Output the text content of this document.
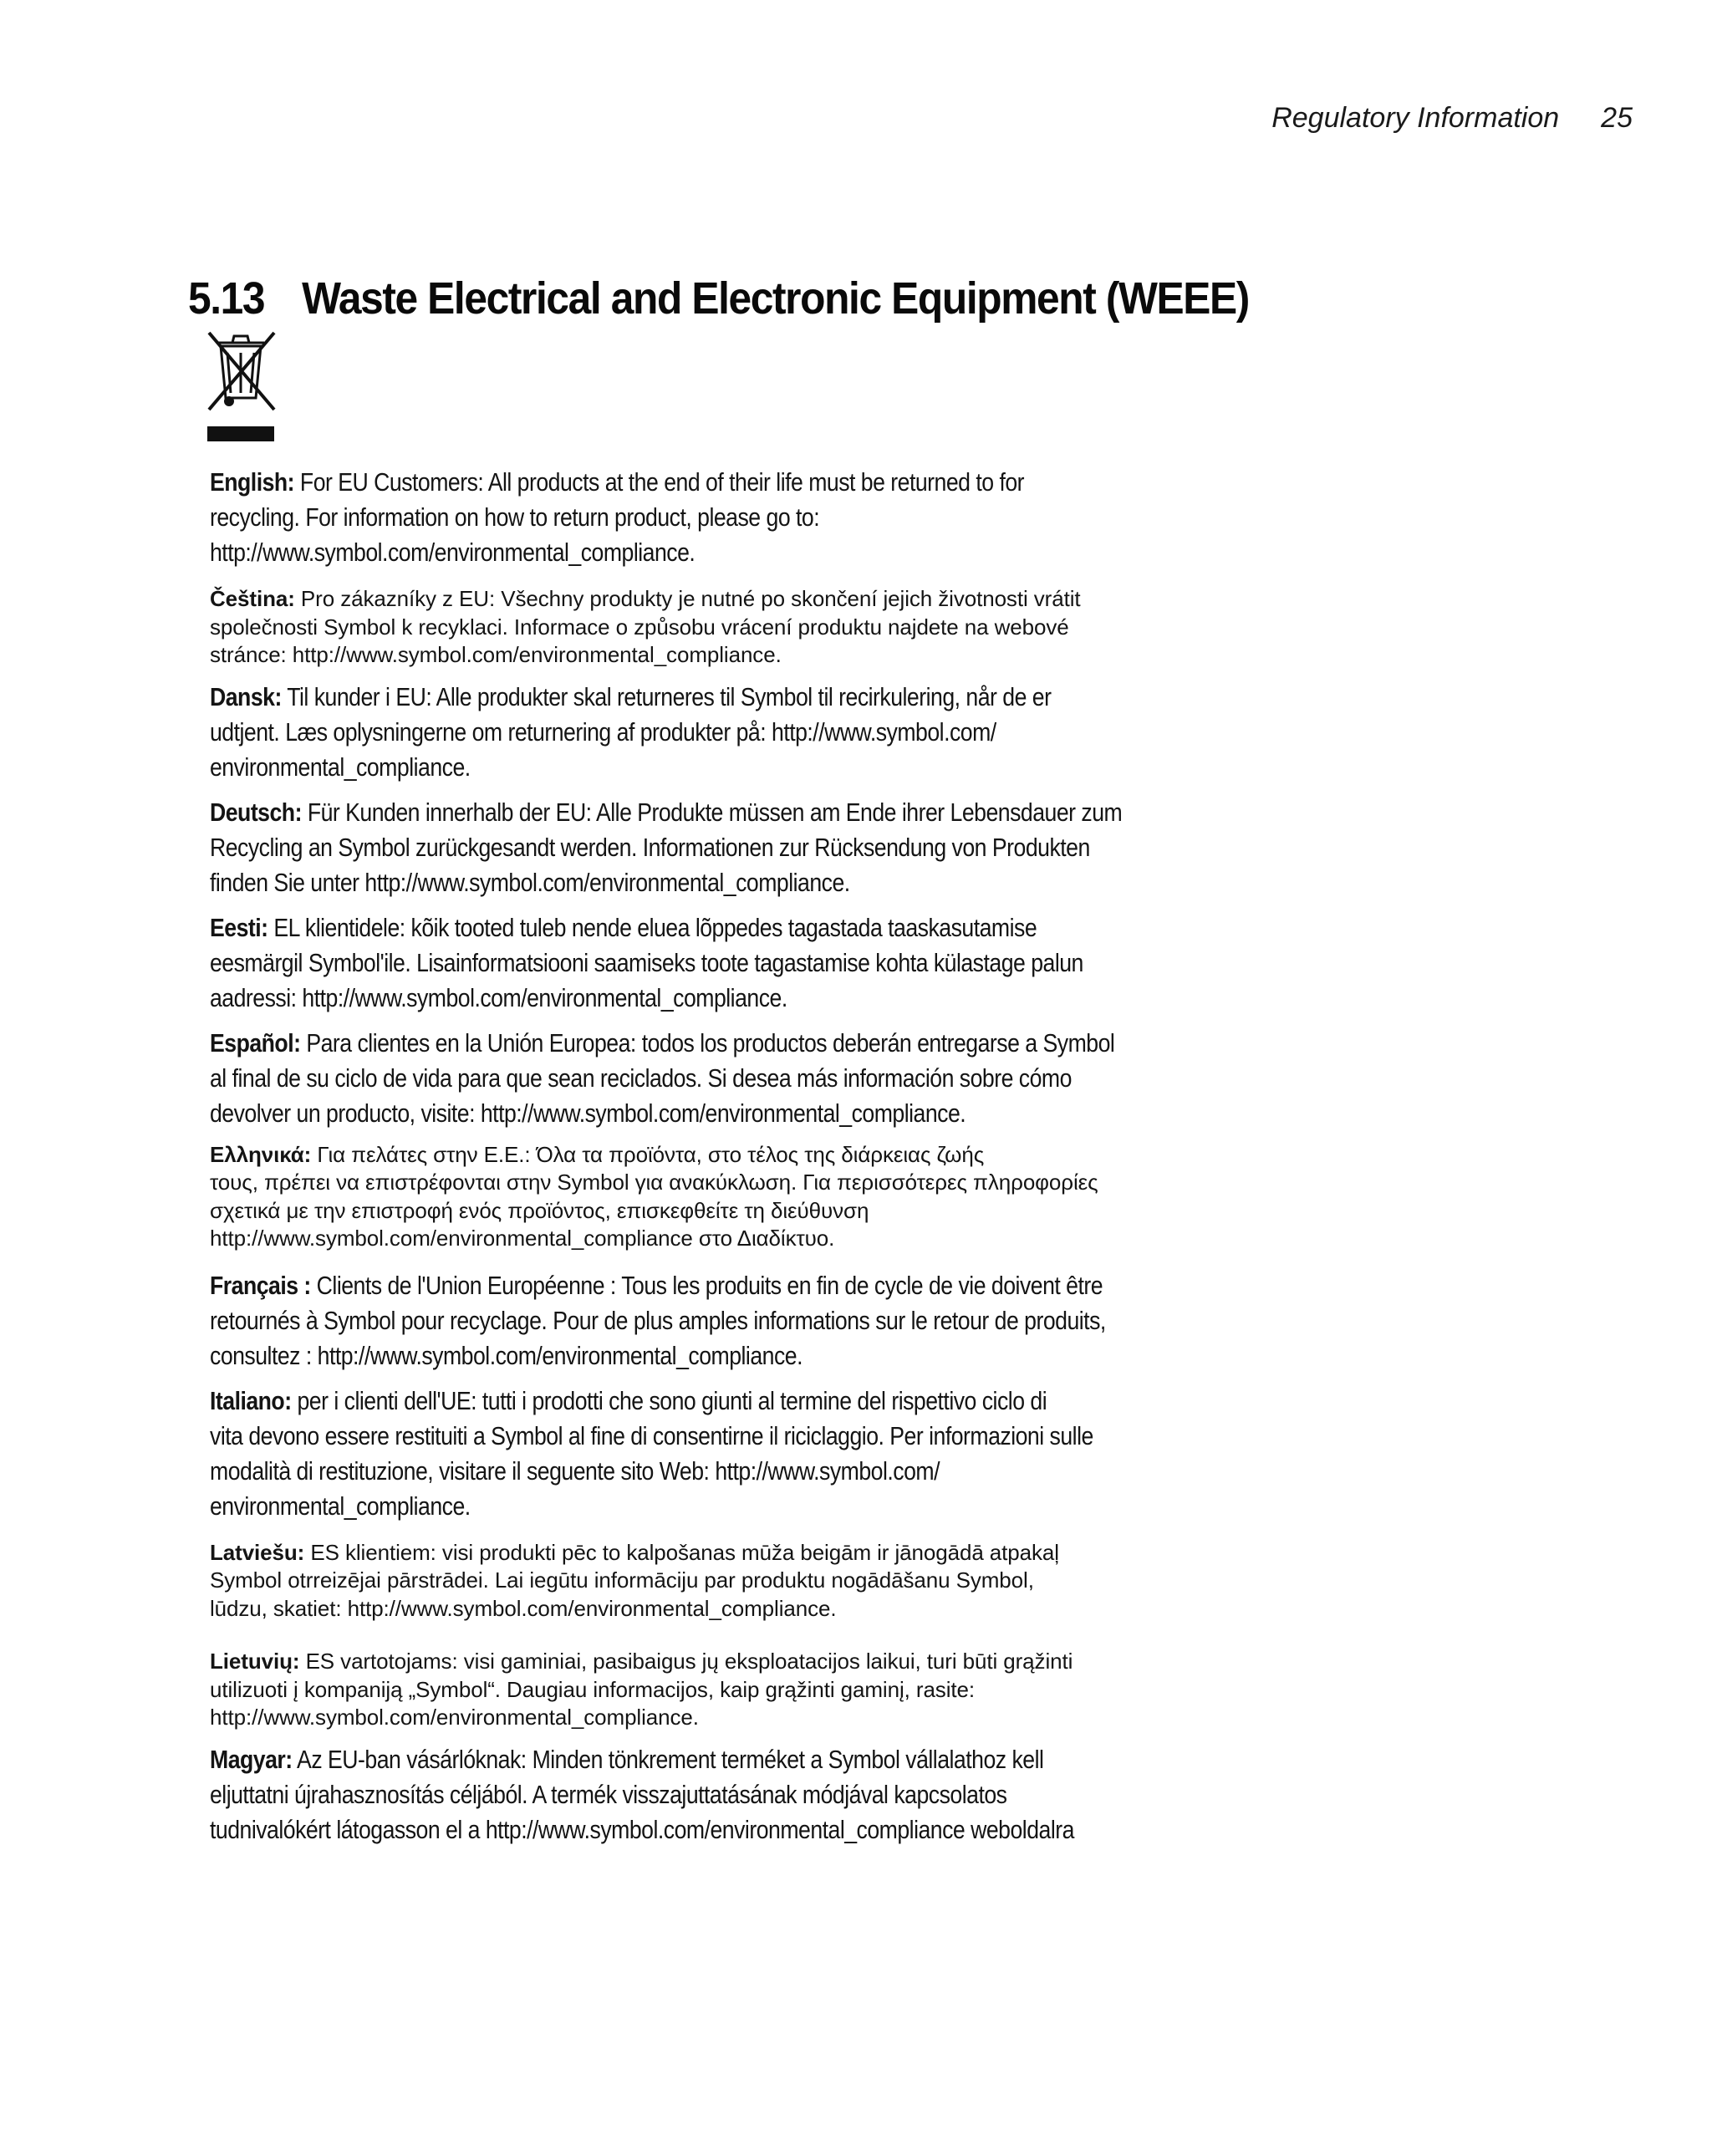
Regulatory Information 25
5.13 Waste Electrical and Electronic Equipment (WEEE)

English: For EU Customers: All products at the end of their life must be returned to for
recycling. For information on how to return product, please go to:
http://www.symbol.com/environmental_compliance.

Čeština: Pro zákazníky z EU: Všechny produkty je nutné po skončení jejich životnosti vrátit
společnosti Symbol k recyklaci. Informace o způsobu vrácení produktu najdete na webové
stránce: http://www.symbol.com/environmental_compliance.

Dansk: Til kunder i EU: Alle produkter skal returneres til Symbol til recirkulering, når de er
udtjent. Læs oplysningerne om returnering af produkter på: http://www.symbol.com/
environmental_compliance.

Deutsch: Für Kunden innerhalb der EU: Alle Produkte müssen am Ende ihrer Lebensdauer zum
Recycling an Symbol zurückgesandt werden. Informationen zur Rücksendung von Produkten
finden Sie unter http://www.symbol.com/environmental_compliance.

Eesti: EL klientidele: kõik tooted tuleb nende eluea lõppedes tagastada taaskasutamise
eesmärgil Symbol'ile. Lisainformatsiooni saamiseks toote tagastamise kohta külastage palun
aadressi: http://www.symbol.com/environmental_compliance.

Español: Para clientes en la Unión Europea: todos los productos deberán entregarse a Symbol
al final de su ciclo de vida para que sean reciclados. Si desea más información sobre cómo
devolver un producto, visite: http://www.symbol.com/environmental_compliance.

Ελληνικά: Για πελάτες στην Ε.Ε.: Όλα τα προϊόντα, στο τέλος της διάρκειας ζωής
τους, πρέπει να επιστρέφονται στην Symbol για ανακύκλωση. Για περισσότερες πληροφορίες
σχετικά με την επιστροφή ενός προϊόντος, επισκεφθείτε τη διεύθυνση
http://www.symbol.com/environmental_compliance στο Διαδίκτυο.

Français : Clients de l'Union Européenne : Tous les produits en fin de cycle de vie doivent être
retournés à Symbol pour recyclage. Pour de plus amples informations sur le retour de produits,
consultez : http://www.symbol.com/environmental_compliance.

Italiano: per i clienti dell'UE: tutti i prodotti che sono giunti al termine del rispettivo ciclo di
vita devono essere restituiti a Symbol al fine di consentirne il riciclaggio. Per informazioni sulle
modalità di restituzione, visitare il seguente sito Web: http://www.symbol.com/
environmental_compliance.

Latviešu: ES klientiem: visi produkti pēc to kalpošanas mūža beigām ir jānogādā atpakaļ
Symbol otrreizējai pārstrādei. Lai iegūtu informāciju par produktu nogādāšanu Symbol,
lūdzu, skatiet: http://www.symbol.com/environmental_compliance.

Lietuvių: ES vartotojams: visi gaminiai, pasibaigus jų eksploatacijos laikui, turi būti grąžinti
utilizuoti į kompaniją „Symbol“. Daugiau informacijos, kaip grąžinti gaminį, rasite:
http://www.symbol.com/environmental_compliance.

Magyar: Az EU-ban vásárlóknak: Minden tönkrement terméket a Symbol vállalathoz kell
eljuttatni újrahasznosítás céljából. A termék visszajuttatásának módjával kapcsolatos
tudnivalókért látogasson el a http://www.symbol.com/environmental_compliance weboldalra
